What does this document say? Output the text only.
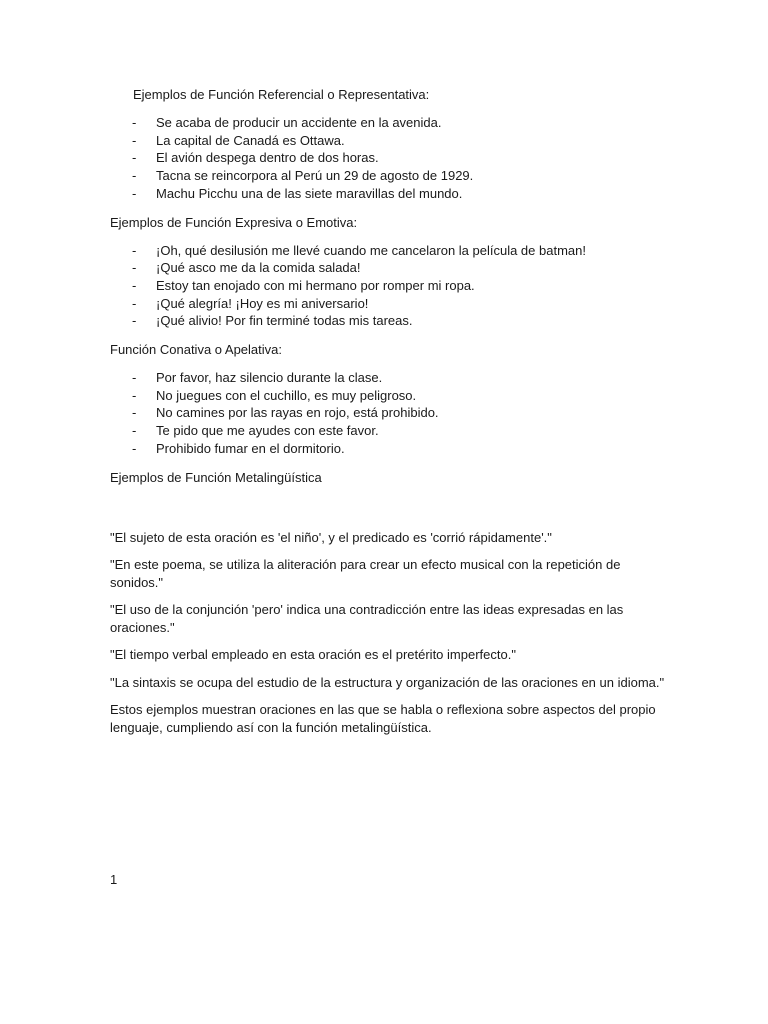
Ejemplos de Función Referencial o Representativa:
- Se acaba de producir un accidente en la avenida.
- La capital de Canadá es Ottawa.
- El avión despega dentro de dos horas.
- Tacna se reincorpora al Perú un 29 de agosto de 1929.
- Machu Picchu una de las siete maravillas del mundo.
Ejemplos de Función Expresiva o Emotiva:
- ¡Oh, qué desilusión me llevé cuando me cancelaron la película de batman!
- ¡Qué asco me da la comida salada!
- Estoy tan enojado con mi hermano por romper mi ropa.
- ¡Qué alegría! ¡Hoy es mi aniversario!
- ¡Qué alivio! Por fin terminé todas mis tareas.
Función Conativa o Apelativa:
- Por favor, haz silencio durante la clase.
- No juegues con el cuchillo, es muy peligroso.
- No camines por las rayas en rojo, está prohibido.
- Te pido que me ayudes con este favor.
- Prohibido fumar en el dormitorio.
Ejemplos de Función Metalingüística

"El sujeto de esta oración es 'el niño', y el predicado es 'corrió rápidamente'."

"En este poema, se utiliza la aliteración para crear un efecto musical con la repetición de sonidos."

"El uso de la conjunción 'pero' indica una contradicción entre las ideas expresadas en las oraciones."

"El tiempo verbal empleado en esta oración es el pretérito imperfecto."

"La sintaxis se ocupa del estudio de la estructura y organización de las oraciones en un idioma."

Estos ejemplos muestran oraciones en las que se habla o reflexiona sobre aspectos del propio lenguaje, cumpliendo así con la función metalingüística.

1
